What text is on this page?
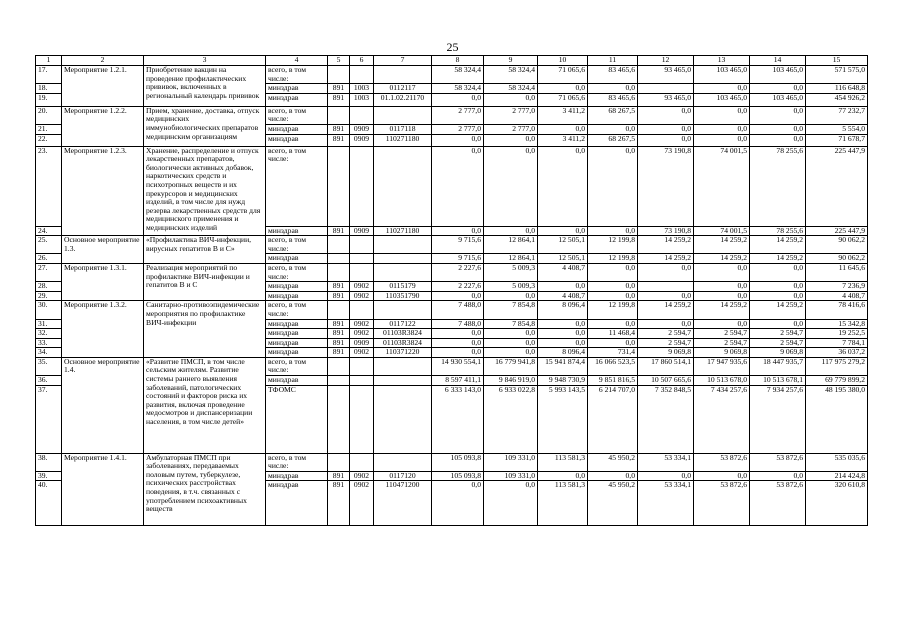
25
1	2	3	4	5	6	7	8	9	10	11	12	13	14	15
17.	Мероприятие 1.2.1.	Приобретение вакцин на проведение профилактических прививок, включенных в региональный календарь прививок	всего, в том числе:				58 324,4	58 324,4	71 065,6	83 465,6	93 465,0	103 465,0	103 465,0	571 575,0
18.			минздрав	891	1003	0112117	58 324,4	58 324,4	0,0	0,0		0,0	0,0	116 648,8
19.			минздрав	891	1003	01.1.02.21170	0,0	0,0	71 065,6	83 465,6	93 465,0	103 465,0	103 465,0	454 926,2
20.	Мероприятие 1.2.2.	Прием, хранение, доставка, отпуск медицинских иммунобиологических препаратов медицинским организациям	всего, в том числе:				2 777,0	2 777,0	3 411,2	68 267,5	0,0	0,0	0,0	77 232,7
21.			минздрав	891	0909	0117118	2 777,0	2 777,0	0,0	0,0	0,0	0,0	0,0	5 554,0
22.			минздрав	891	0909	110271180	0,0	0,0	3 411,2	68 267,5	0,0	0,0	0,0	71 678,7
23.	Мероприятие 1.2.3.	Хранение, распределение и отпуск лекарственных препаратов, биологически активных добавок, наркотических средств и психотропных веществ и их прекурсоров и медицинских изделий, в том числе для нужд резерва лекарственных средств для медицинского применения и медицинских изделий	всего, в том числе:				0,0	0,0	0,0	0,0	73 190,8	74 001,5	78 255,6	225 447,9
24.			минздрав	891	0909	110271180	0,0	0,0	0,0	0,0	73 190,8	74 001,5	78 255,6	225 447,9
25.	Основное мероприятие 1.3.	«Профилактика ВИЧ-инфекции, вирусных гепатитов В и С»	всего, в том числе:				9 715,6	12 864,1	12 505,1	12 199,8	14 259,2	14 259,2	14 259,2	90 062,2
26.			минздрав				9 715,6	12 864,1	12 505,1	12 199,8	14 259,2	14 259,2	14 259,2	90 062,2
27.	Мероприятие 1.3.1.	Реализация мероприятий по профилактике ВИЧ-инфекции и гепатитов В и С	всего, в том числе:				2 227,6	5 009,3	4 408,7	0,0	0,0	0,0	0,0	11 645,6
28.			минздрав	891	0902	0115179	2 227,6	5 009,3	0,0	0,0		0,0	0,0	7 236,9
29.			минздрав	891	0902	110351790	0,0	0,0	4 408,7	0,0	0,0	0,0	0,0	4 408,7
30.	Мероприятие 1.3.2.	Санитарно-противоэпидемические мероприятия по профилактике ВИЧ-инфекции	всего, в том числе:				7 488,0	7 854,8	8 096,4	12 199,8	14 259,2	14 259,2	14 259,2	78 416,6
31.			минздрав	891	0902	0117122	7 488,0	7 854,8	0,0	0,0	0,0	0,0	0,0	15 342,8
32.			минздрав	891	0902	01103R3824	0,0	0,0	0,0	11 468,4	2 594,7	2 594,7	2 594,7	19 252,5
33.			минздрав	891	0909	01103R3824	0,0	0,0	0,0	0,0	2 594,7	2 594,7	2 594,7	7 784,1
34.			минздрав	891	0902	110371220	0,0	0,0	8 096,4	731,4	9 069,8	9 069,8	9 069,8	36 037,2
35.	Основное мероприятие 1.4.	«Развитие ПМСП, в том числе сельским жителям. Развитие системы раннего выявления заболеваний, патологических состояний и факторов риска их развития, включая проведение медосмотров и диспансеризации населения, в том числе детей»	всего, в том числе:				14 930 554,1	16 779 941,8	15 941 874,4	16 066 523,5	17 860 514,1	17 947 935,6	18 447 935,7	117 975 279,2
36.			минздрав				8 597 411,1	9 846 919,0	9 948 730,9	9 851 816,5	10 507 665,6	10 513 678,0	10 513 678,1	69 779 899,2
37.			ТФОМС				6 333 143,0	6 933 022,8	5 993 143,5	6 214 707,0	7 352 848,5	7 434 257,6	7 934 257,6	48 195 380,0
38.	Мероприятие 1.4.1.	Амбулаторная ПМСП при заболеваниях, передаваемых половым путем, туберкулезе, психических расстройствах поведения, в т.ч. связанных с употреблением психоактивных веществ	всего, в том числе:				105 093,8	109 331,0	113 581,3	45 950,2	53 334,1	53 872,6	53 872,6	535 035,6
39.			минздрав	891	0902	0117120	105 093,8	109 331,0	0,0	0,0	0,0	0,0	0,0	214 424,8
40.			минздрав	891	0902	110471200	0,0	0,0	113 581,3	45 950,2	53 334,1	53 872,6	53 872,6	320 610,8
